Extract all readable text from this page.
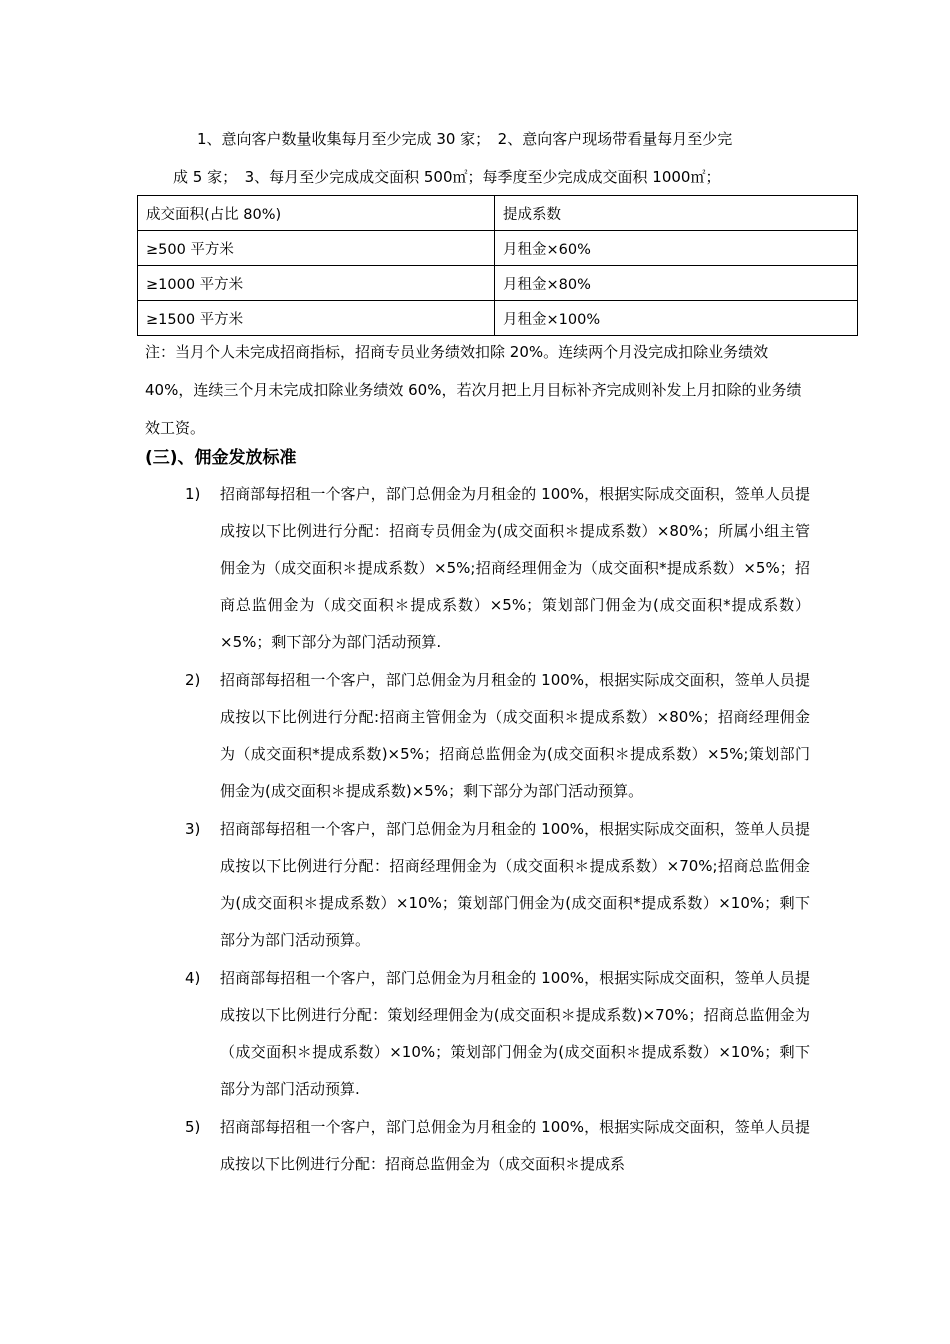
1、意向客户数量收集每月至少完成 30 家；　2、意向客户现场带看量每月至少完

成 5 家；　3、每月至少完成成交面积 500㎡；每季度至少完成成交面积 1000㎡；

成交面积(占比 80%)	提成系数
≥500 平方米	月租金×60%
≥1000 平方米	月租金×80%
≥1500 平方米	月租金×100%

注：当月个人未完成招商指标，招商专员业务绩效扣除 20%。连续两个月没完成扣除业务绩效 40%，连续三个月未完成扣除业务绩效 60%，若次月把上月目标补齐完成则补发上月扣除的业务绩效工资。

(三)、佣金发放标准
1)	招商部每招租一个客户，部门总佣金为月租金的 100%，根据实际成交面积，签单人员提成按以下比例进行分配：招商专员佣金为(成交面积＊提成系数）×80%；所属小组主管佣金为（成交面积＊提成系数）×5%;招商经理佣金为（成交面积*提成系数）×5%；招商总监佣金为（成交面积＊提成系数）×5%；策划部门佣金为(成交面积*提成系数）×5%；剩下部分为部门活动预算.
2)	招商部每招租一个客户，部门总佣金为月租金的 100%，根据实际成交面积，签单人员提成按以下比例进行分配:招商主管佣金为（成交面积＊提成系数）×80%；招商经理佣金为（成交面积*提成系数)×5%；招商总监佣金为(成交面积＊提成系数）×5%;策划部门佣金为(成交面积＊提成系数)×5%；剩下部分为部门活动预算。
3)	招商部每招租一个客户，部门总佣金为月租金的 100%，根据实际成交面积，签单人员提成按以下比例进行分配：招商经理佣金为（成交面积＊提成系数）×70%;招商总监佣金为(成交面积＊提成系数）×10%；策划部门佣金为(成交面积*提成系数）×10%；剩下部分为部门活动预算。
4)	招商部每招租一个客户，部门总佣金为月租金的 100%，根据实际成交面积，签单人员提成按以下比例进行分配：策划经理佣金为(成交面积＊提成系数)×70%；招商总监佣金为（成交面积＊提成系数）×10%；策划部门佣金为(成交面积＊提成系数）×10%；剩下部分为部门活动预算.
5)	招商部每招租一个客户，部门总佣金为月租金的 100%，根据实际成交面积，签单人员提成按以下比例进行分配：招商总监佣金为（成交面积＊提成系
